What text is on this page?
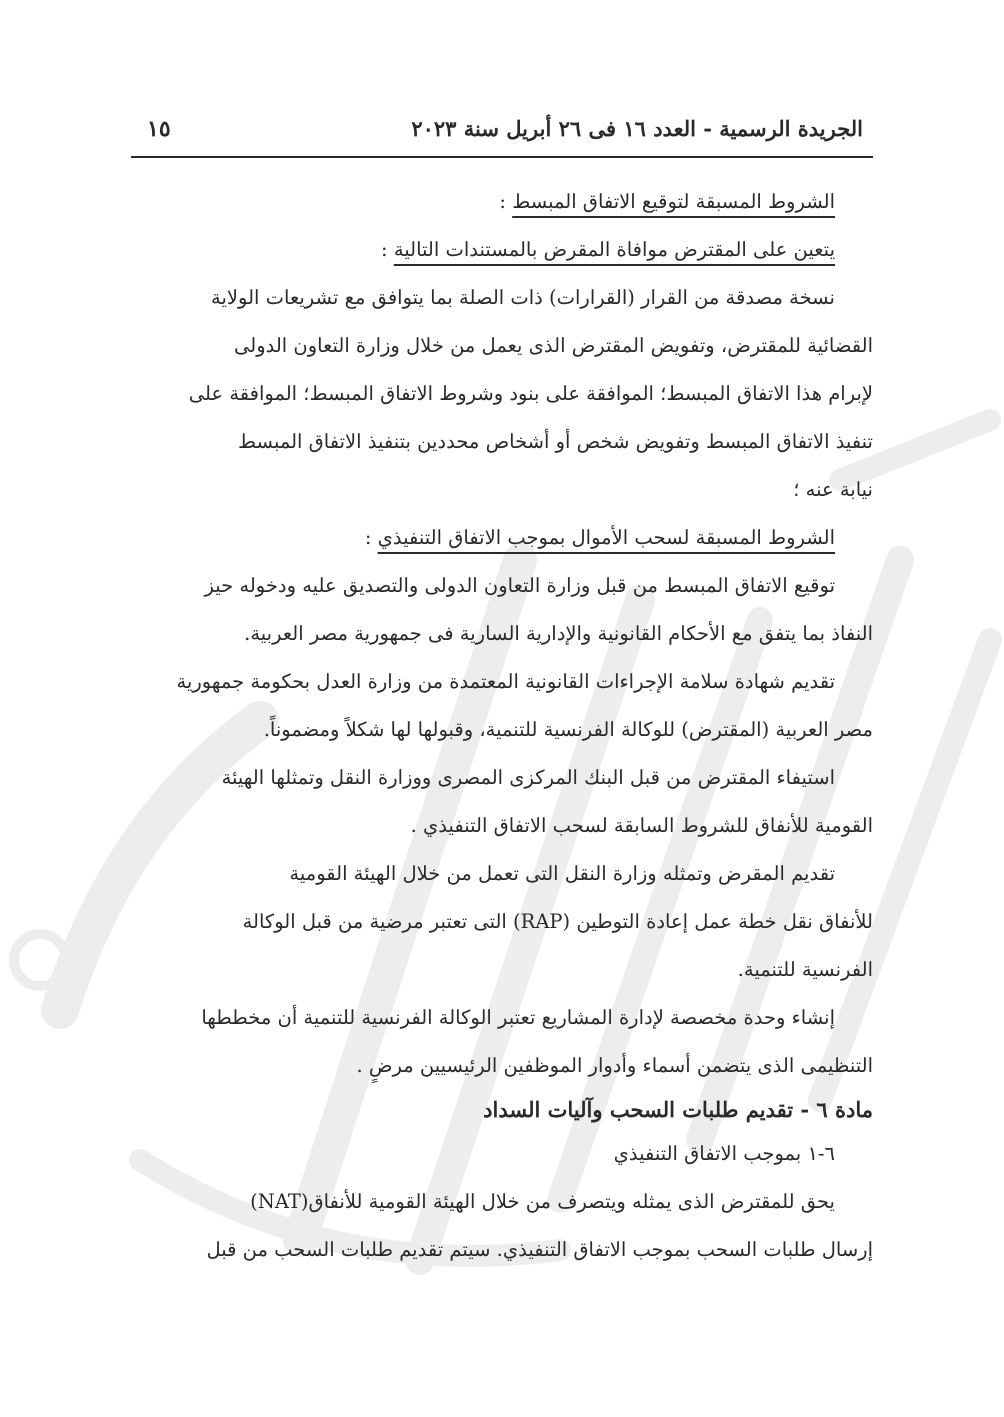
الجريدة الرسمية - العدد ١٦ فى ٢٦ أبريل سنة ٢٠٢٣
١٥
الشروط المسبقة لتوقيع الاتفاق المبسط :
يتعين على المقترض موافاة المقرض بالمستندات التالية :
نسخة مصدقة من القرار (القرارات) ذات الصلة بما يتوافق مع تشريعات الولاية
القضائية للمقترض، وتفويض المقترض الذى يعمل من خلال وزارة التعاون الدولى
لإبرام هذا الاتفاق المبسط؛ الموافقة على بنود وشروط الاتفاق المبسط؛ الموافقة على
تنفيذ الاتفاق المبسط وتفويض شخص أو أشخاص محددين بتنفيذ الاتفاق المبسط
نيابة عنه ؛
الشروط المسبقة لسحب الأموال بموجب الاتفاق التنفيذي :
توقيع الاتفاق المبسط من قبل وزارة التعاون الدولى والتصديق عليه ودخوله حيز
النفاذ بما يتفق مع الأحكام القانونية والإدارية السارية فى جمهورية مصر العربية.
تقديم شهادة سلامة الإجراءات القانونية المعتمدة من وزارة العدل بحكومة جمهورية
مصر العربية (المقترض) للوكالة الفرنسية للتنمية، وقبولها لها شكلاً ومضموناً.
استيفاء المقترض من قبل البنك المركزى المصرى ووزارة النقل وتمثلها الهيئة
القومية للأنفاق للشروط السابقة لسحب الاتفاق التنفيذي .
تقديم المقرض وتمثله وزارة النقل التى تعمل من خلال الهيئة القومية
للأنفاق نقل خطة عمل إعادة التوطين (RAP) التى تعتبر مرضية من قبل الوكالة
الفرنسية للتنمية.
إنشاء وحدة مخصصة لإدارة المشاريع تعتبر الوكالة الفرنسية للتنمية أن مخططها
التنظيمى الذى يتضمن أسماء وأدوار الموظفين الرئيسيين مرضٍ .
مادة ٦ - تقديم طلبات السحب وآليات السداد
٦-١ بموجب الاتفاق التنفيذي
يحق للمقترض الذى يمثله ويتصرف من خلال الهيئة القومية للأنفاق(NAT)
إرسال طلبات السحب بموجب الاتفاق التنفيذي. سيتم تقديم طلبات السحب من قبل
